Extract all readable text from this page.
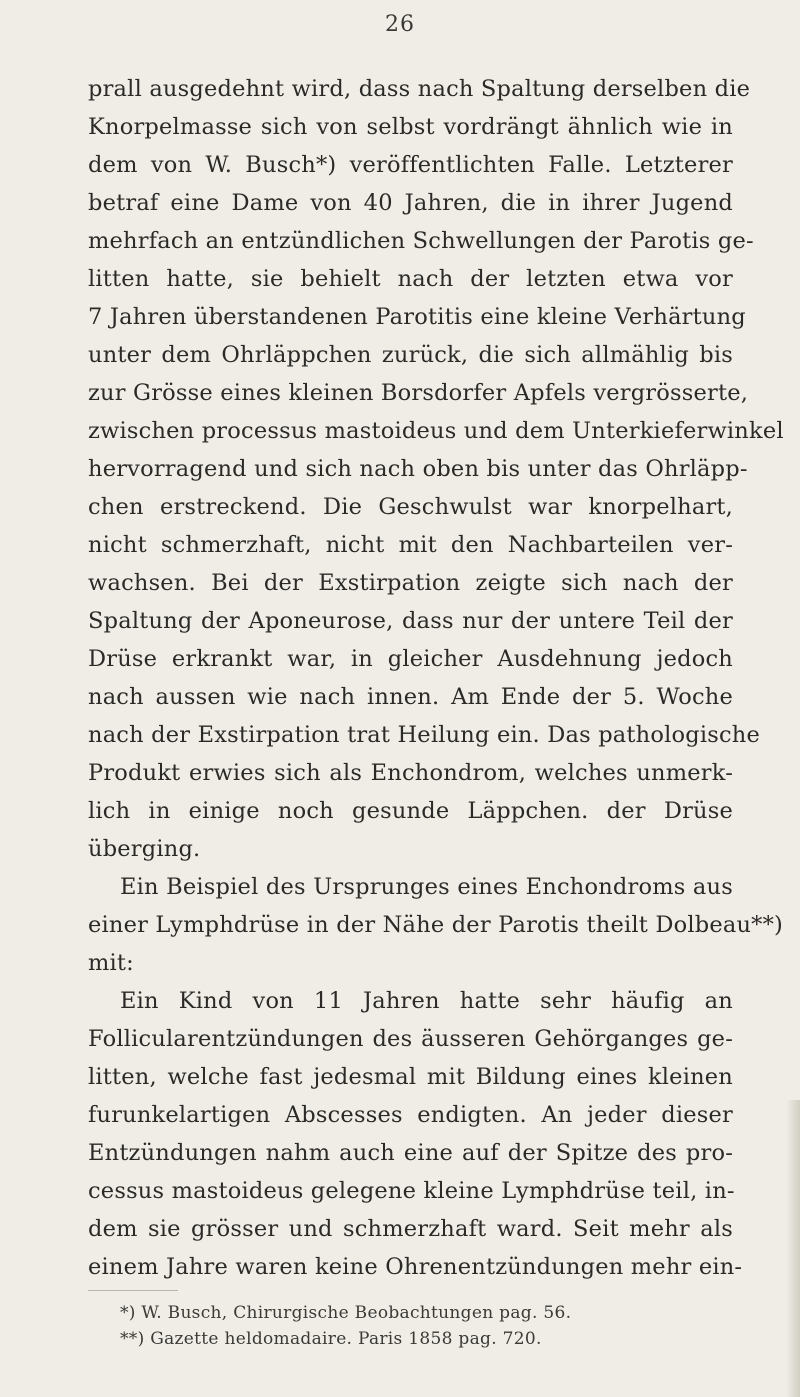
26
prall ausgedehnt wird, dass nach Spaltung derselben die
Knorpelmasse sich von selbst vordrängt ähnlich wie in
dem von W. Busch*) veröffentlichten Falle. Letzterer
betraf eine Dame von 40 Jahren, die in ihrer Jugend
mehrfach an entzündlichen Schwellungen der Parotis ge-
litten hatte, sie behielt nach der letzten etwa vor
7 Jahren überstandenen Parotitis eine kleine Verhärtung
unter dem Ohrläppchen zurück, die sich allmählig bis
zur Grösse eines kleinen Borsdorfer Apfels vergrösserte,
zwischen processus mastoideus und dem Unterkieferwinkel
hervorragend und sich nach oben bis unter das Ohrläpp-
chen erstreckend. Die Geschwulst war knorpelhart,
nicht schmerzhaft, nicht mit den Nachbarteilen ver-
wachsen. Bei der Exstirpation zeigte sich nach der
Spaltung der Aponeurose, dass nur der untere Teil der
Drüse erkrankt war, in gleicher Ausdehnung jedoch
nach aussen wie nach innen. Am Ende der 5. Woche
nach der Exstirpation trat Heilung ein. Das pathologische
Produkt erwies sich als Enchondrom, welches unmerk-
lich in einige noch gesunde Läppchen. der Drüse
überging.
Ein Beispiel des Ursprunges eines Enchondroms aus
einer Lymphdrüse in der Nähe der Parotis theilt Dolbeau**)
mit:
Ein Kind von 11 Jahren hatte sehr häufig an
Follicularentzündungen des äusseren Gehörganges ge-
litten, welche fast jedesmal mit Bildung eines kleinen
furunkelartigen Abscesses endigten. An jeder dieser
Entzündungen nahm auch eine auf der Spitze des pro-
cessus mastoideus gelegene kleine Lymphdrüse teil, in-
dem sie grösser und schmerzhaft ward. Seit mehr als
einem Jahre waren keine Ohrenentzündungen mehr ein-
*) W. Busch, Chirurgische Beobachtungen pag. 56.
**) Gazette heldomadaire. Paris 1858 pag. 720.
